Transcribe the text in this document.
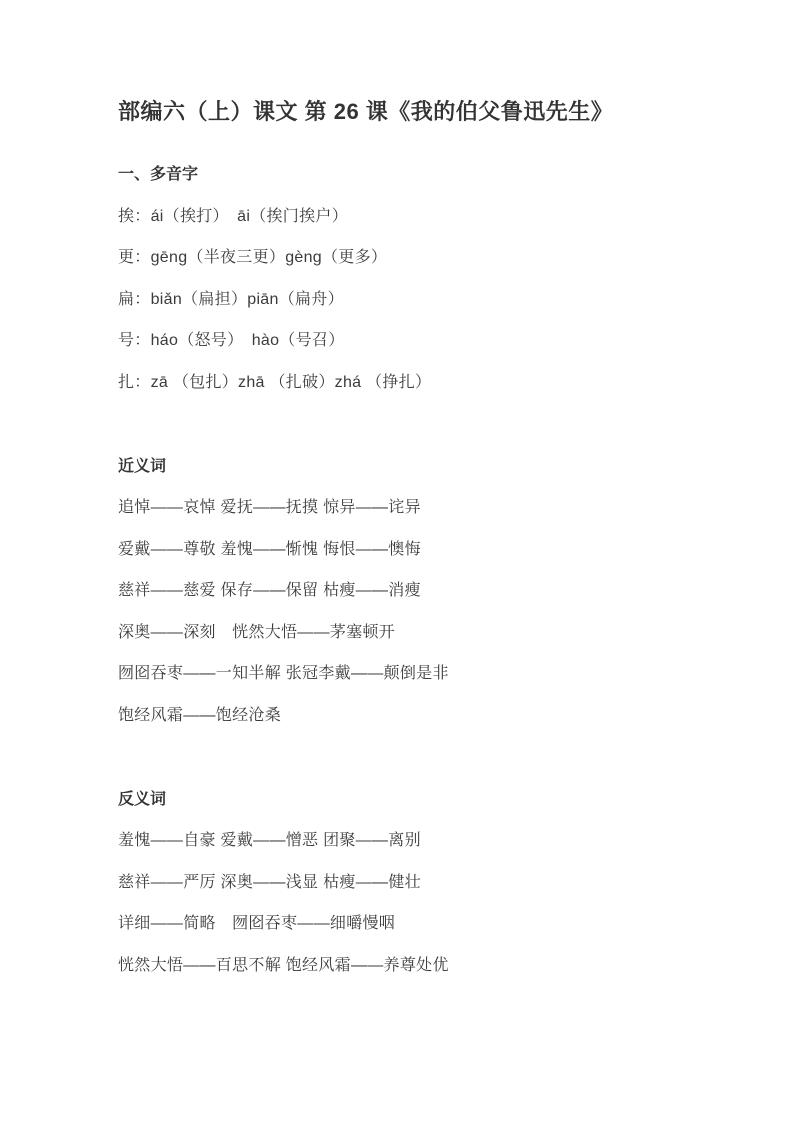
部编六（上）课文 第 26 课《我的伯父鲁迅先生》
一、多音字

挨：ái（挨打）　āi（挨门挨户）

更：gēng（半夜三更）gèng（更多）

扁：biǎn（扁担）piān（扁舟）

号：háo（怒号）　hào（号召）

扎：zā （包扎）zhā （扎破）zhá （挣扎）

近义词

追悼——哀悼 爱抚——抚摸 惊异——诧异

爱戴——尊敬 羞愧——惭愧 悔恨——懊悔

慈祥——慈爱 保存——保留 枯瘦——消瘦

深奥——深刻　恍然大悟——茅塞顿开

囫囵吞枣——一知半解 张冠李戴——颠倒是非

饱经风霜——饱经沧桑

反义词

羞愧——自豪 爱戴——憎恶 团聚——离别

慈祥——严厉 深奥——浅显 枯瘦——健壮

详细——简略　囫囵吞枣——细嚼慢咽

恍然大悟——百思不解 饱经风霜——养尊处优
